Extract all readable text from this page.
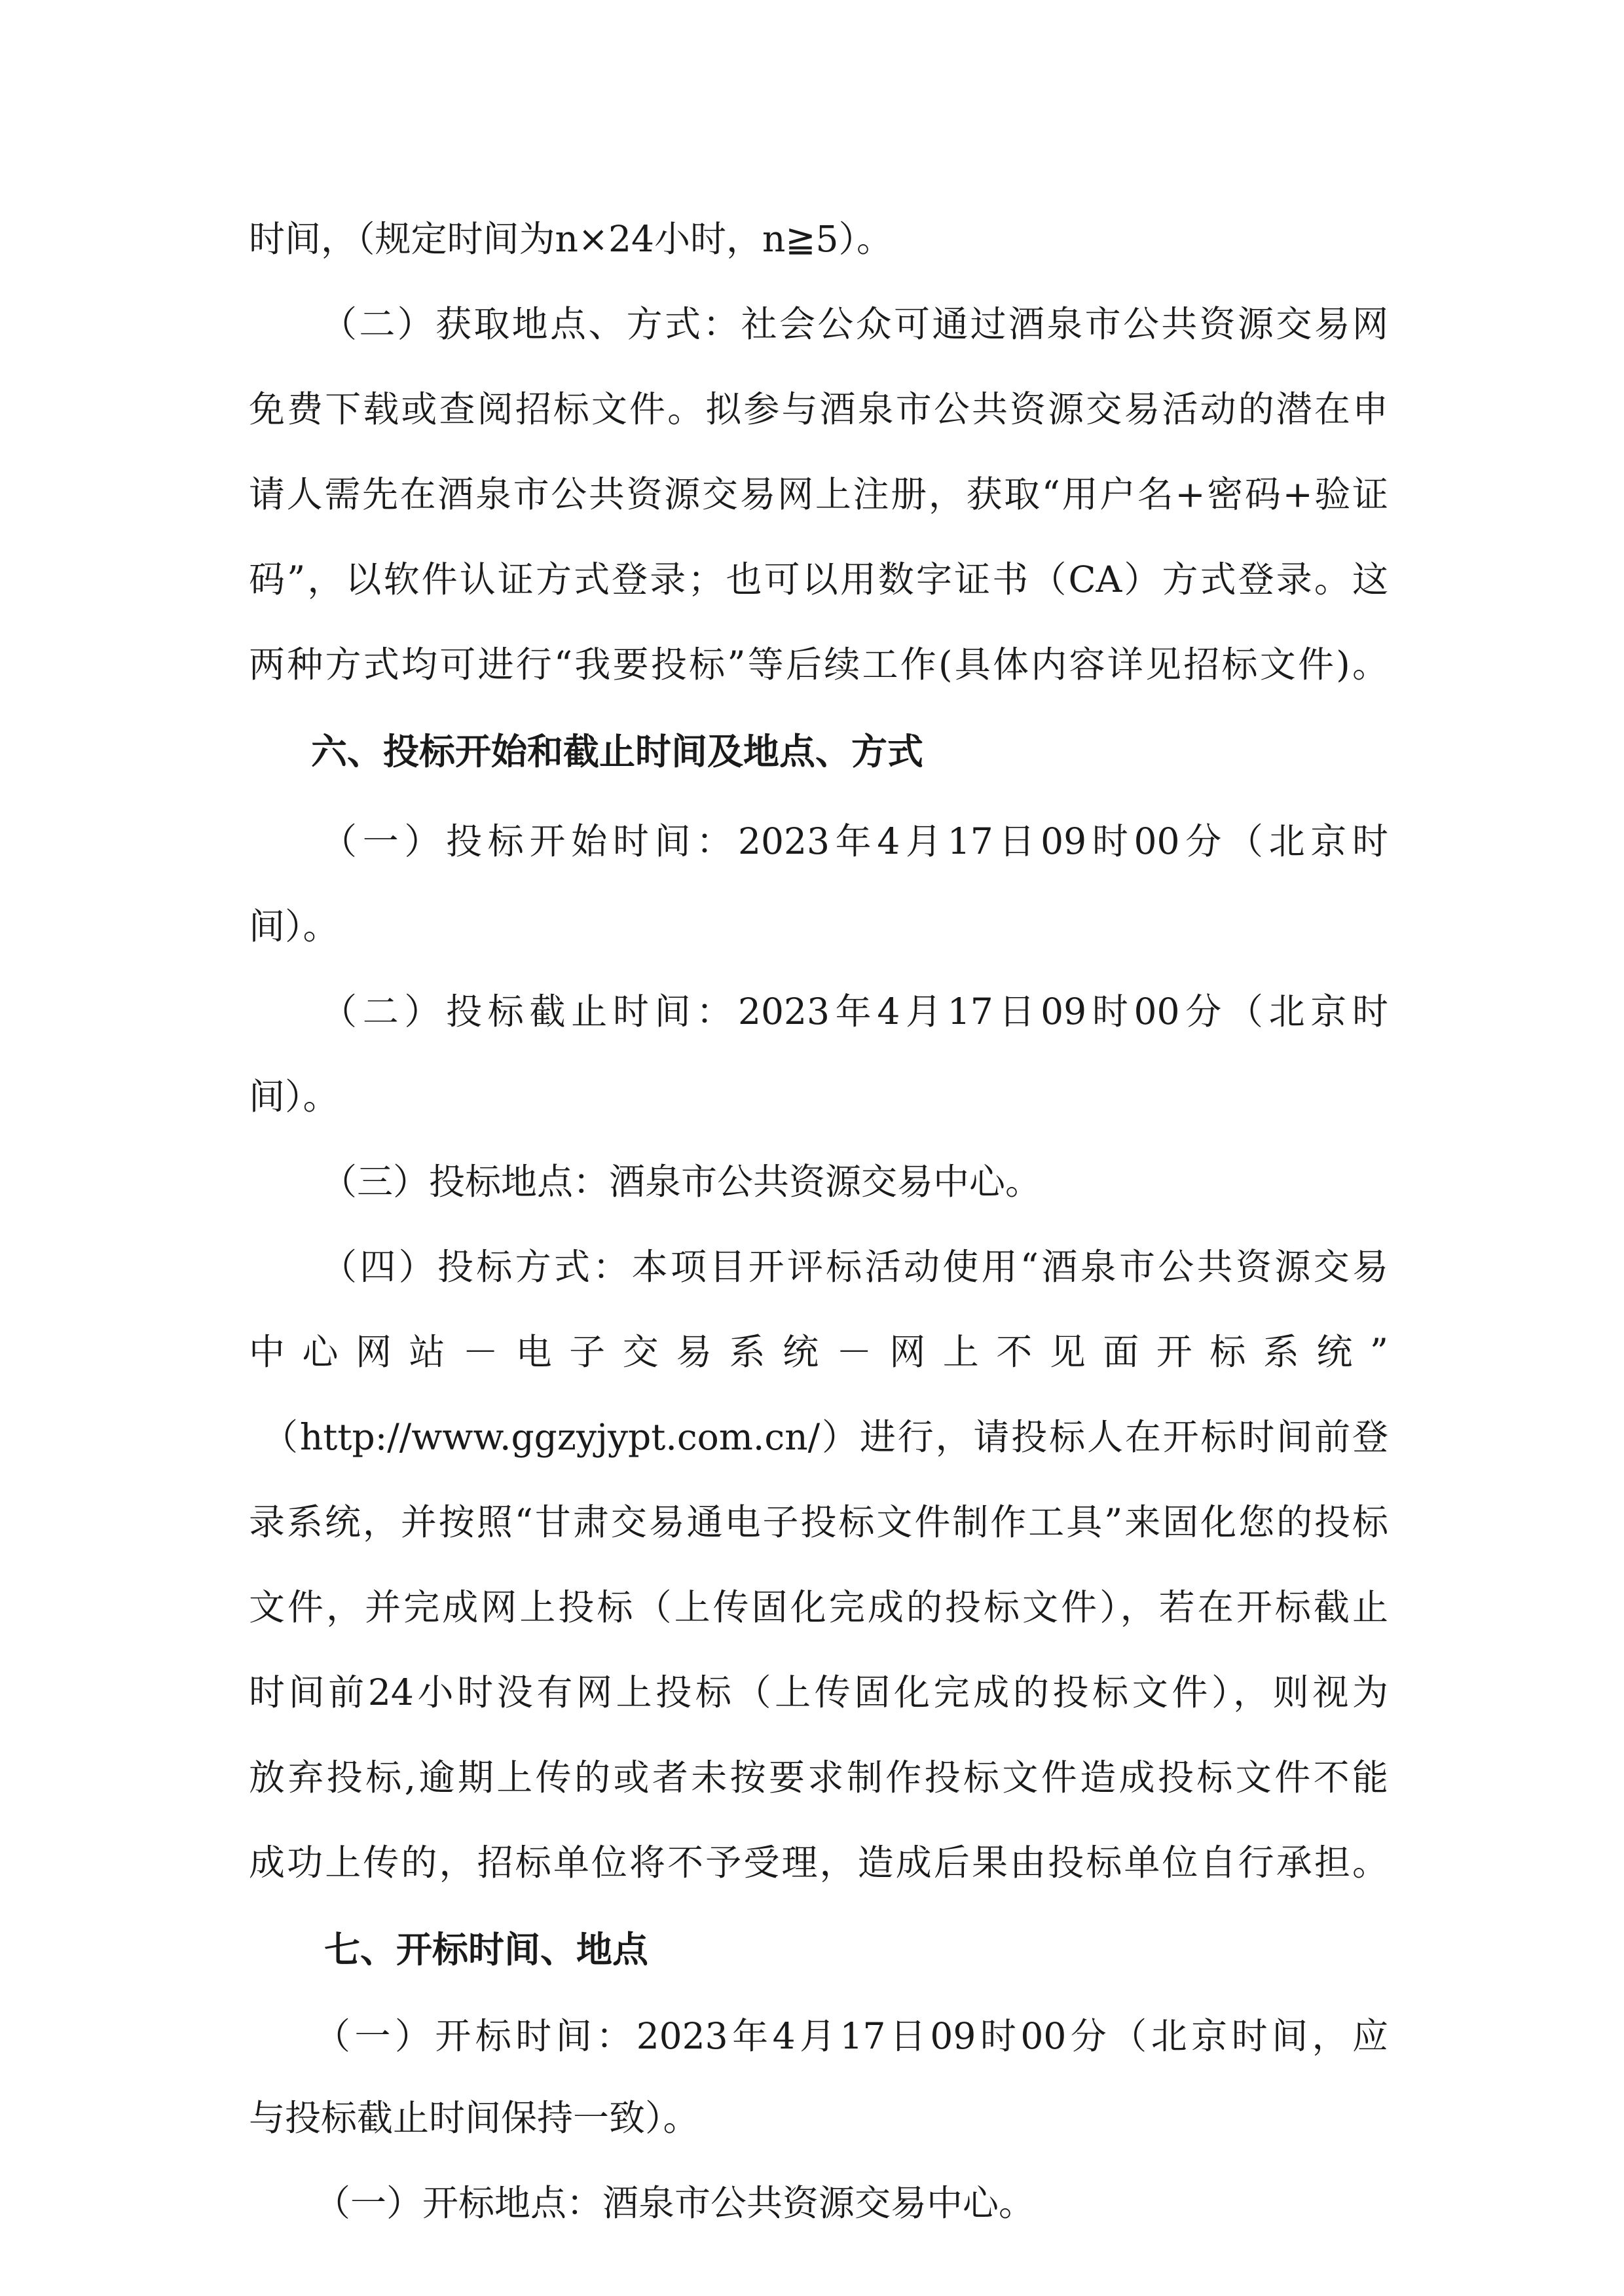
时间，（规定时间为n×24小时，n≧5）。
（二）获取地点、方式：社会公众可通过酒泉市公共资源交易网
免费下载或查阅招标文件。拟参与酒泉市公共资源交易活动的潜在申
请人需先在酒泉市公共资源交易网上注册，获取“用户名+密码+验证
码”，以软件认证方式登录；也可以用数字证书（CA）方式登录。这
两种方式均可进行“我要投标”等后续工作(具体内容详见招标文件)。
六、投标开始和截止时间及地点、方式
（一）投标开始时间：2023年4月17日09时00分（北京时
间）。
（二）投标截止时间：2023年4月17日09时00分（北京时
间）。
（三）投标地点：酒泉市公共资源交易中心。
（四）投标方式：本项目开评标活动使用“酒泉市公共资源交易
中心网站－电子交易系统－网上不见面开标系统”
（http://www.ggzyjypt.com.cn/）进行，请投标人在开标时间前登
录系统，并按照“甘肃交易通电子投标文件制作工具”来固化您的投标
文件，并完成网上投标（上传固化完成的投标文件），若在开标截止
时间前24小时没有网上投标（上传固化完成的投标文件），则视为
放弃投标,逾期上传的或者未按要求制作投标文件造成投标文件不能
成功上传的，招标单位将不予受理，造成后果由投标单位自行承担。
七、开标时间、地点
（一）开标时间：2023年4月17日09时00分（北京时间，应
与投标截止时间保持一致）。
（一）开标地点：酒泉市公共资源交易中心。
